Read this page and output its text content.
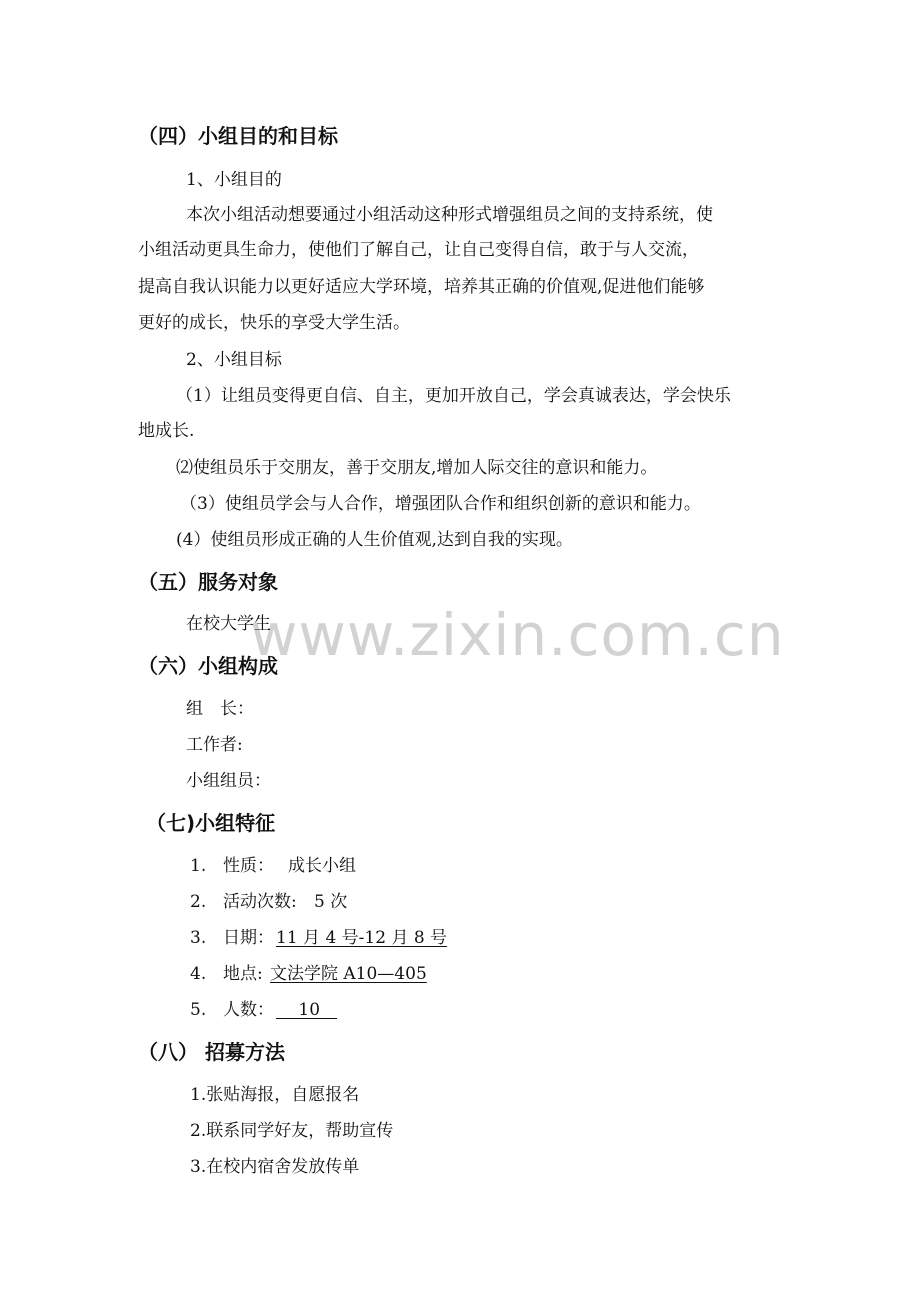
www.zixin.com.cn
（四）小组目的和目标
1、小组目的
本次小组活动想要通过小组活动这种形式增强组员之间的支持系统，使
小组活动更具生命力，使他们了解自己，让自己变得自信，敢于与人交流，
提高自我认识能力以更好适应大学环境，培养其正确的价值观,促进他们能够
更好的成长，快乐的享受大学生活。
2、小组目标
（1）让组员变得更自信、自主，更加开放自己，学会真诚表达，学会快乐
地成长.
⑵使组员乐于交朋友，善于交朋友,增加人际交往的意识和能力。
（3）使组员学会与人合作，增强团队合作和组织创新的意识和能力。
(4）使组员形成正确的人生价值观,达到自我的实现。
（五）服务对象
在校大学生
（六）小组构成
组　长：
工作者:
小组组员：
（七)小组特征
1. 性质： 成长小组
2. 活动次数: 5 次
3. 日期： 11 月 4 号-12 月 8 号
4. 地点: 文法学院 A10—405
5. 人数： 　 10　
（八） 招募方法
1.张贴海报，自愿报名
2.联系同学好友，帮助宣传
3.在校内宿舍发放传单
